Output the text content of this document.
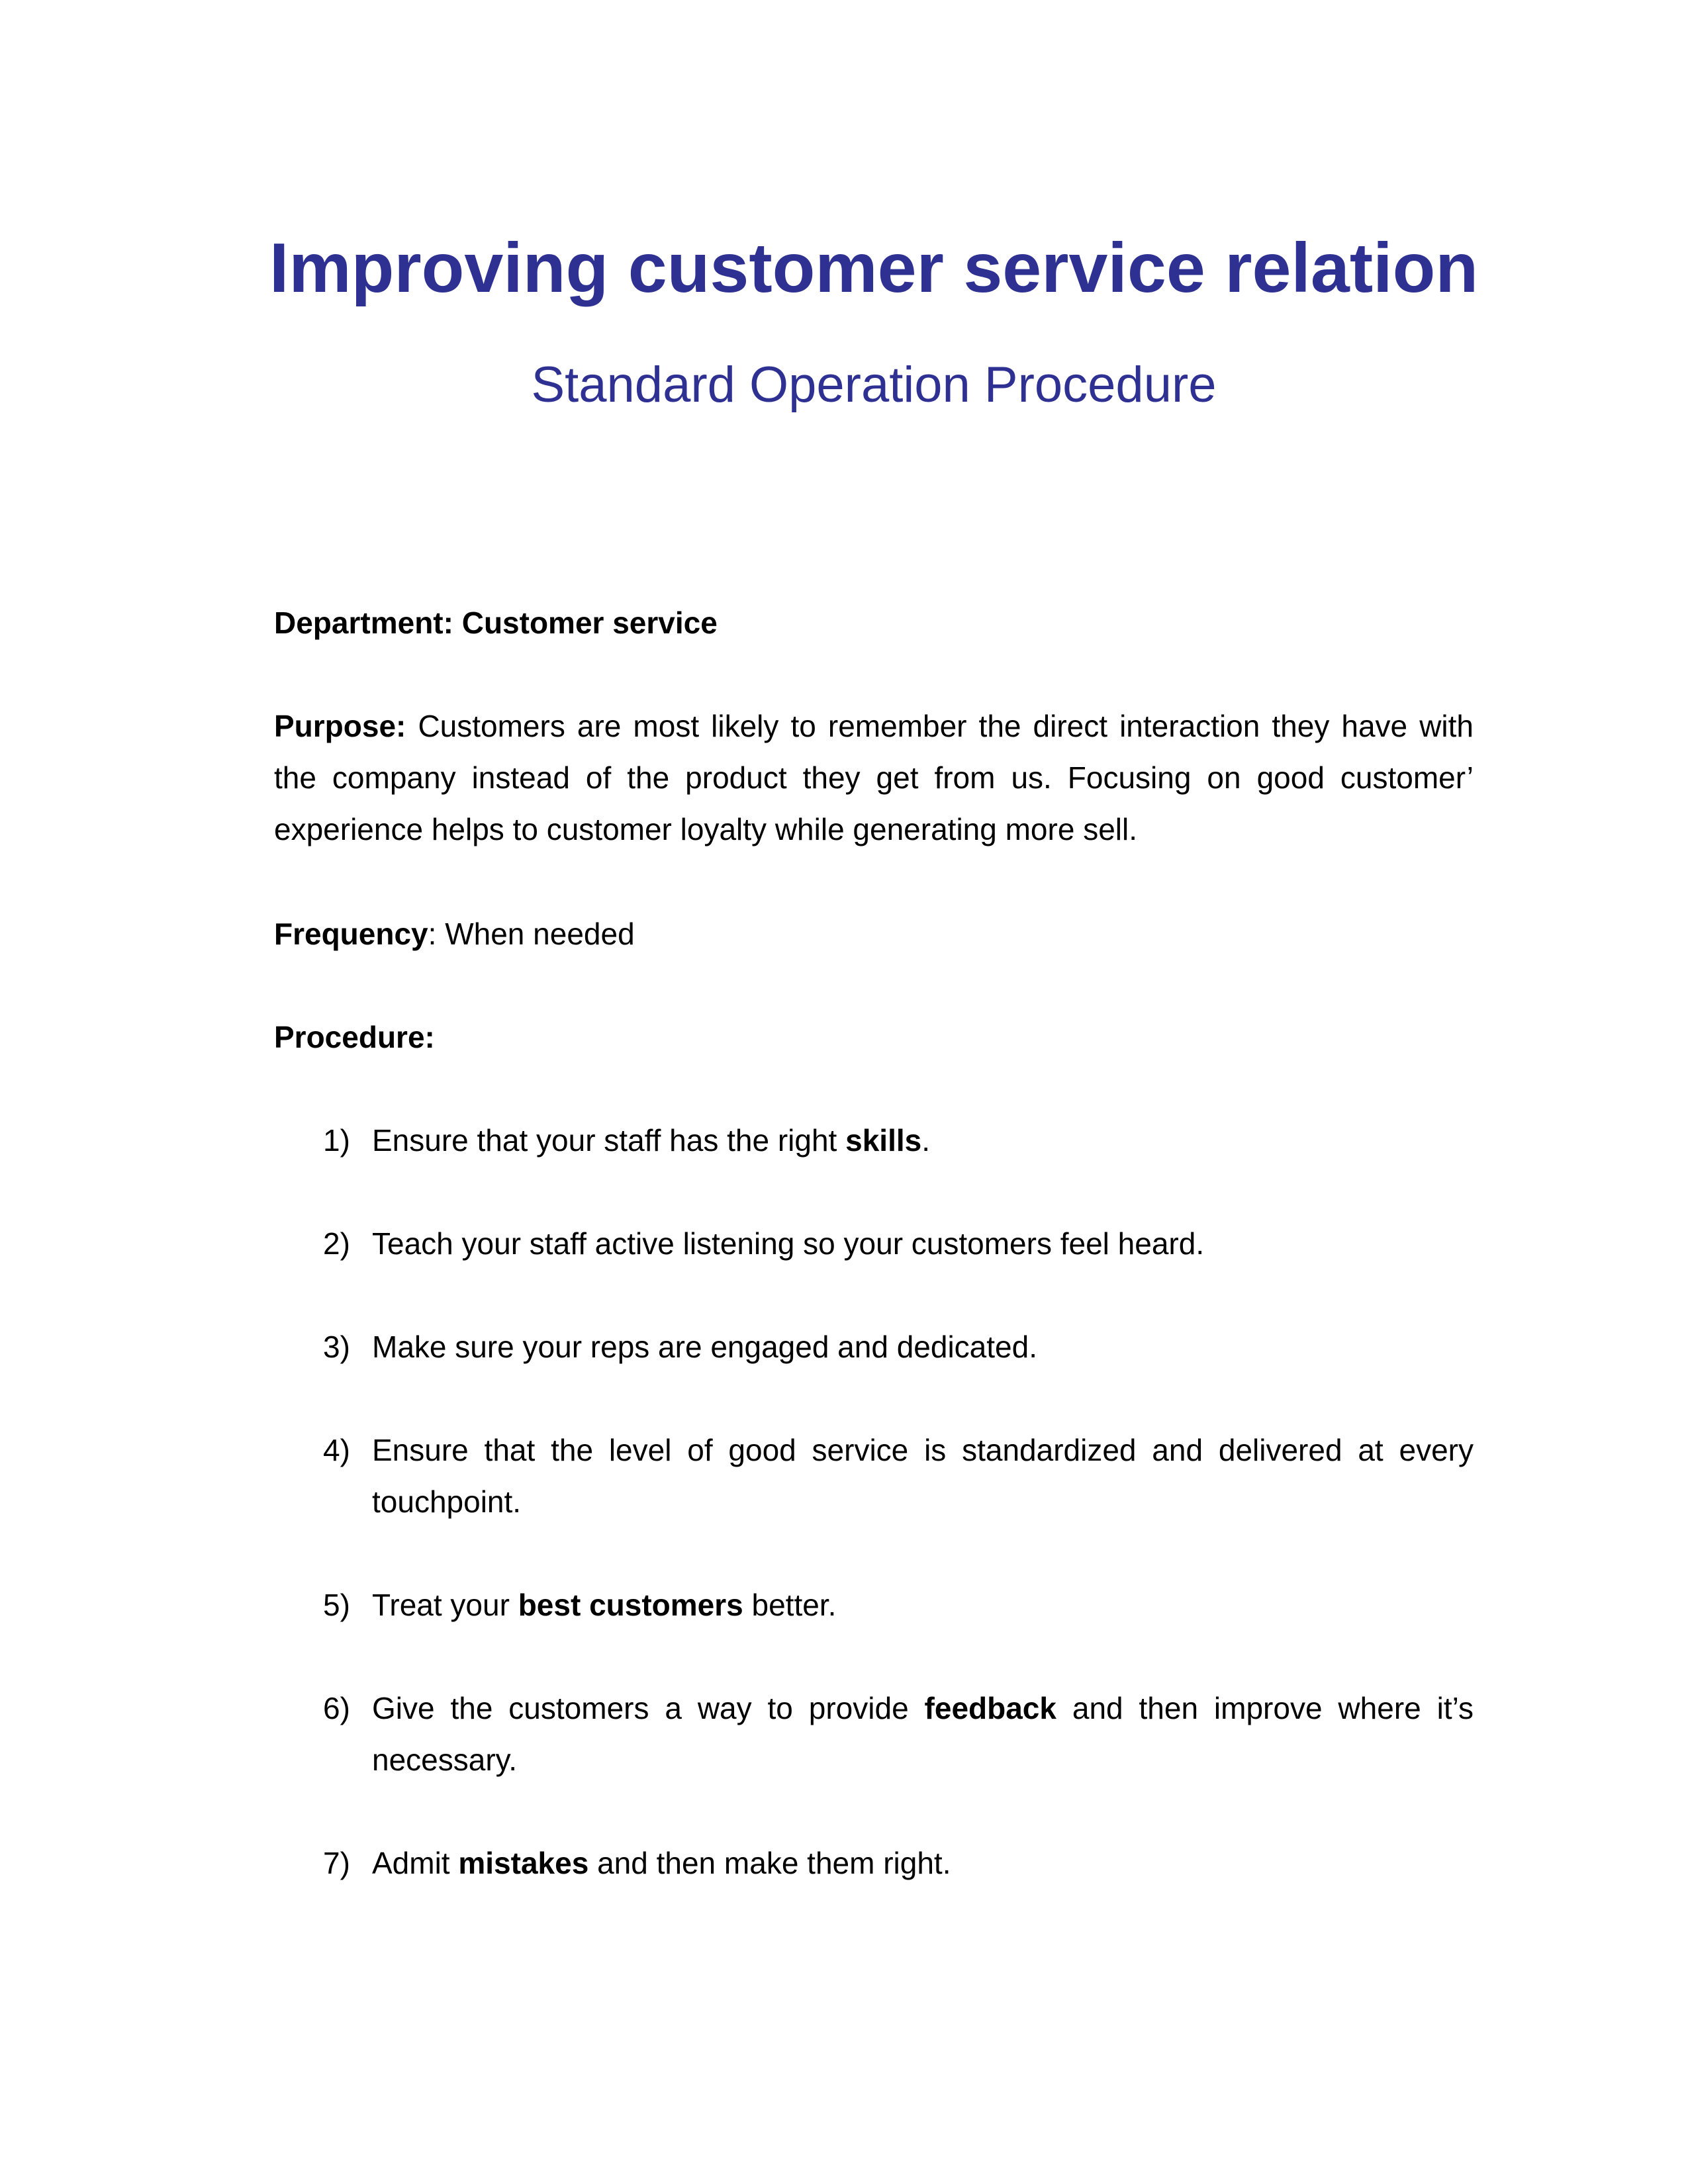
Improving customer service relation
Standard Operation Procedure
Department: Customer service
Purpose: Customers are most likely to remember the direct interaction they have with the company instead of the product they get from us. Focusing on good customer’ experience helps to customer loyalty while generating more sell.
Frequency: When needed
Procedure:
1) Ensure that your staff has the right skills.
2) Teach your staff active listening so your customers feel heard.
3) Make sure your reps are engaged and dedicated.
4) Ensure that the level of good service is standardized and delivered at every touchpoint.
5) Treat your best customers better.
6) Give the customers a way to provide feedback and then improve where it’s necessary.
7) Admit mistakes and then make them right.
